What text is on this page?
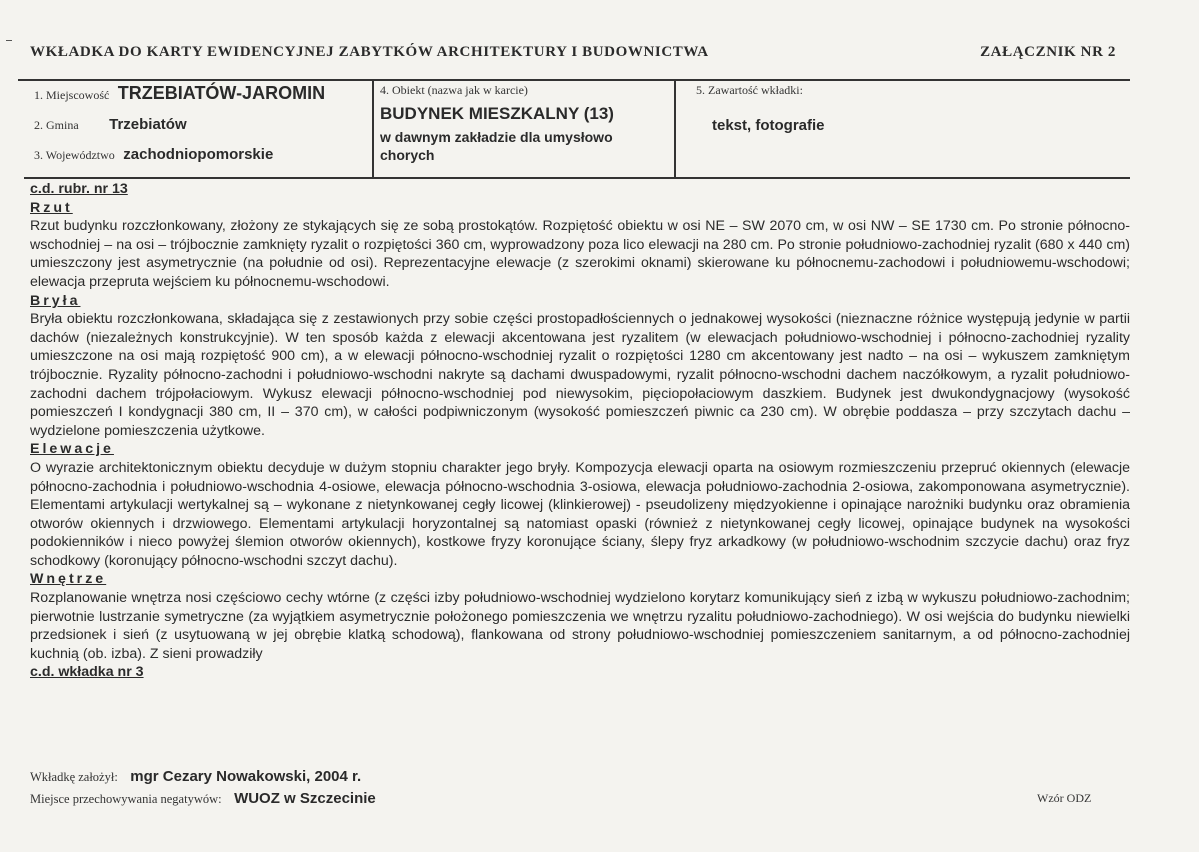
WKŁADKA DO KARTY EWIDENCYJNEJ ZABYTKÓW ARCHITEKTURY I BUDOWNICTWA	ZAŁĄCZNIK NR 2
1. Miejscowość TRZEBIATÓW-JAROMIN
2. Gmina Trzebiatów
3. Województwo zachodniopomorskie
4. Obiekt (nazwa jak w karcie)
BUDYNEK MIESZKALNY (13)
w dawnym zakładzie dla umysłowo chorych
5. Zawartość wkładki:
tekst, fotografie
c.d. rubr. nr 13
Rzut

Rzut budynku rozczłonkowany, złożony ze stykających się ze sobą prostokątów. Rozpiętość obiektu w osi NE – SW 2070 cm, w osi NW – SE 1730 cm. Po stronie północno-wschodniej – na osi – trójbocznie zamknięty ryzalit o rozpiętości 360 cm, wyprowadzony poza lico elewacji na 280 cm. Po stronie południowo-zachodniej ryzalit (680 x 440 cm) umieszczony jest asymetrycznie (na południe od osi). Reprezentacyjne elewacje (z szerokimi oknami) skierowane ku północnemu-zachodowi i południowemu-wschodowi; elewacja przepruta wejściem ku północnemu-wschodowi.

Bryła

Bryła obiektu rozczłonkowana, składająca się z zestawionych przy sobie części prostopadłościennych o jednakowej wysokości (nieznaczne różnice występują jedynie w partii dachów (niezależnych konstrukcyjnie). W ten sposób każda z elewacji akcentowana jest ryzalitem (w elewacjach południowo-wschodniej i północno-zachodniej ryzality umieszczone na osi mają rozpiętość 900 cm), a w elewacji północno-wschodniej ryzalit o rozpiętości 1280 cm akcentowany jest nadto – na osi – wykuszem zamkniętym trójbocznie. Ryzality północno-zachodni i południowo-wschodni nakryte są dachami dwuspadowymi, ryzalit północno-wschodni dachem naczółkowym, a ryzalit południowo-zachodni dachem trójpołaciowym. Wykusz elewacji północno-wschodniej pod niewysokim, pięciopołaciowym daszkiem. Budynek jest dwukondygnacjowy (wysokość pomieszczeń I kondygnacji 380 cm, II – 370 cm), w całości podpiwniczonym (wysokość pomieszczeń piwnic ca 230 cm). W obrębie poddasza – przy szczytach dachu – wydzielone pomieszczenia użytkowe.

Elewacje

O wyrazie architektonicznym obiektu decyduje w dużym stopniu charakter jego bryły. Kompozycja elewacji oparta na osiowym rozmieszczeniu przepruć okiennych (elewacje północno-zachodnia i południowo-wschodnia 4-osiowe, elewacja północno-wschodnia 3-osiowa, elewacja południowo-zachodnia 2-osiowa, zakomponowana asymetrycznie). Elementami artykulacji wertykalnej są – wykonane z nietynkowanej cegły licowej (klinkierowej) - pseudolizeny międzyokienne i opinające narożniki budynku oraz obramienia otworów okiennych i drzwiowego. Elementami artykulacji horyzontalnej są natomiast opaski (również z nietynkowanej cegły licowej, opinające budynek na wysokości podokienników i nieco powyżej ślemion otworów okiennych), kostkowe fryzy koronujące ściany, ślepy fryz arkadkowy (w południowo-wschodnim szczycie dachu) oraz fryz schodkowy (koronujący północno-wschodni szczyt dachu).

Wnętrze

Rozplanowanie wnętrza nosi częściowo cechy wtórne (z części izby południowo-wschodniej wydzielono korytarz komunikujący sień z izbą w wykuszu południowo-zachodnim; pierwotnie lustrzanie symetryczne (za wyjątkiem asymetrycznie położonego pomieszczenia we wnętrzu ryzalitu południowo-zachodniego). W osi wejścia do budynku niewielki przedsionek i sień (z usytuowaną w jej obrębie klatką schodową), flankowana od strony południowo-wschodniej pomieszczeniem sanitarnym, a od północno-zachodniej kuchnią (ob. izba). Z sieni prowadziły

c.d. wkładka nr 3
Wkładkę założył: mgr Cezary Nowakowski, 2004 r.
Miejsce przechowywania negatywów: WUOZ w Szczecinie	Wzór ODZ
